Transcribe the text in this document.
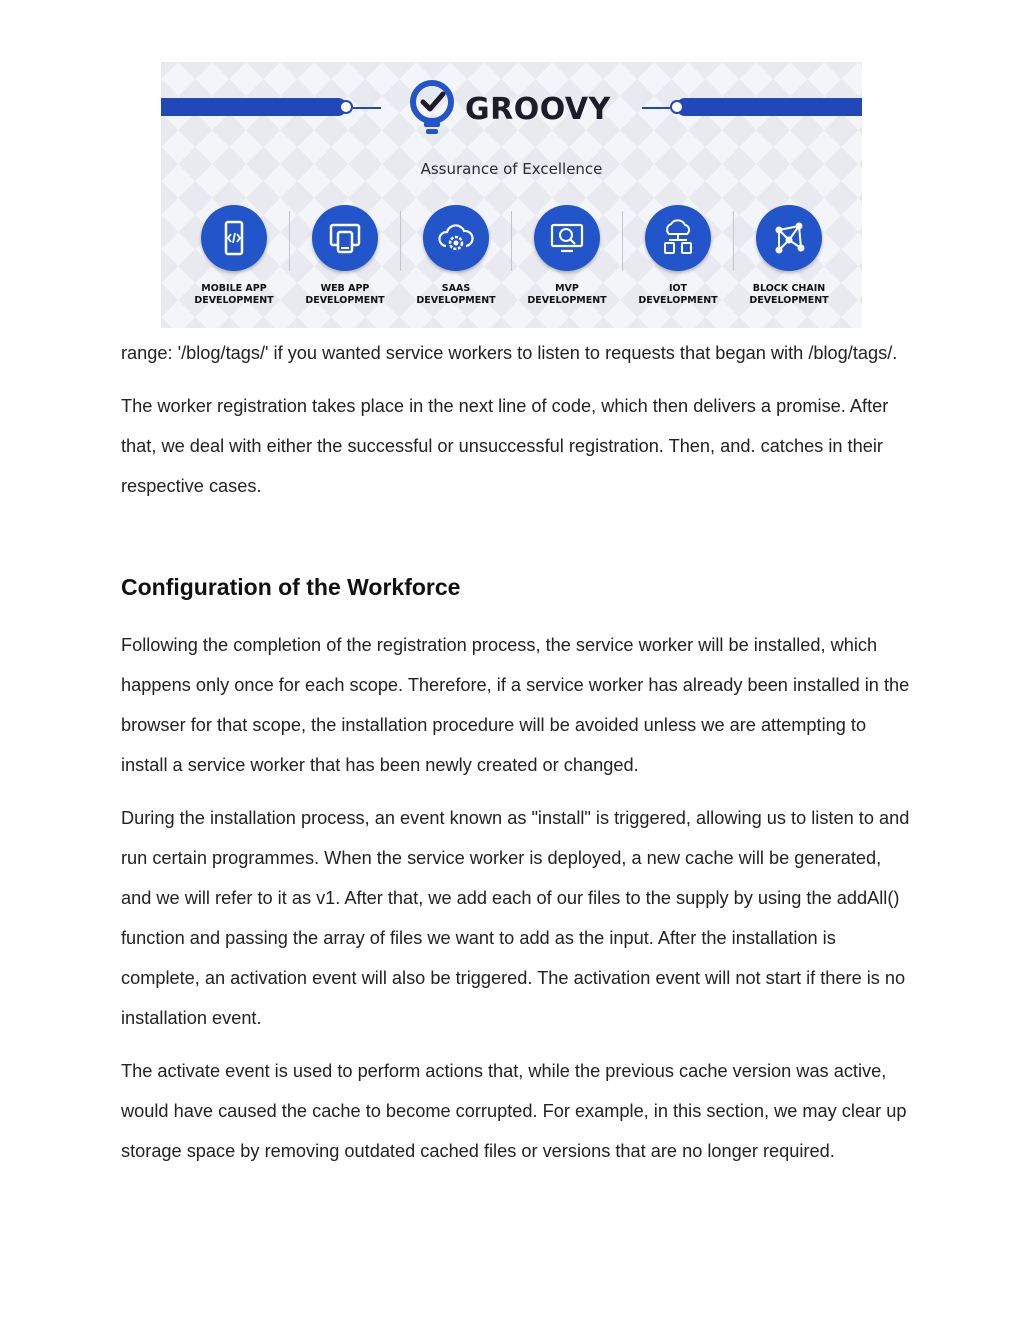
GROOVY
Assurance of Excellence
MOBILE APP
DEVELOPMENT
WEB APP
DEVELOPMENT
SAAS
DEVELOPMENT
MVP
DEVELOPMENT
IOT
DEVELOPMENT
BLOCK CHAIN
DEVELOPMENT

range: '/blog/tags/' if you wanted service workers to listen to requests that began with /blog/tags/.

The worker registration takes place in the next line of code, which then delivers a promise. After that, we deal with either the successful or unsuccessful registration. Then, and. catches in their respective cases.

Configuration of the Workforce

Following the completion of the registration process, the service worker will be installed, which happens only once for each scope. Therefore, if a service worker has already been installed in the browser for that scope, the installation procedure will be avoided unless we are attempting to install a service worker that has been newly created or changed.

During the installation process, an event known as "install" is triggered, allowing us to listen to and run certain programmes. When the service worker is deployed, a new cache will be generated, and we will refer to it as v1. After that, we add each of our files to the supply by using the addAll() function and passing the array of files we want to add as the input. After the installation is complete, an activation event will also be triggered. The activation event will not start if there is no installation event.

The activate event is used to perform actions that, while the previous cache version was active, would have caused the cache to become corrupted. For example, in this section, we may clear up storage space by removing outdated cached files or versions that are no longer required.
